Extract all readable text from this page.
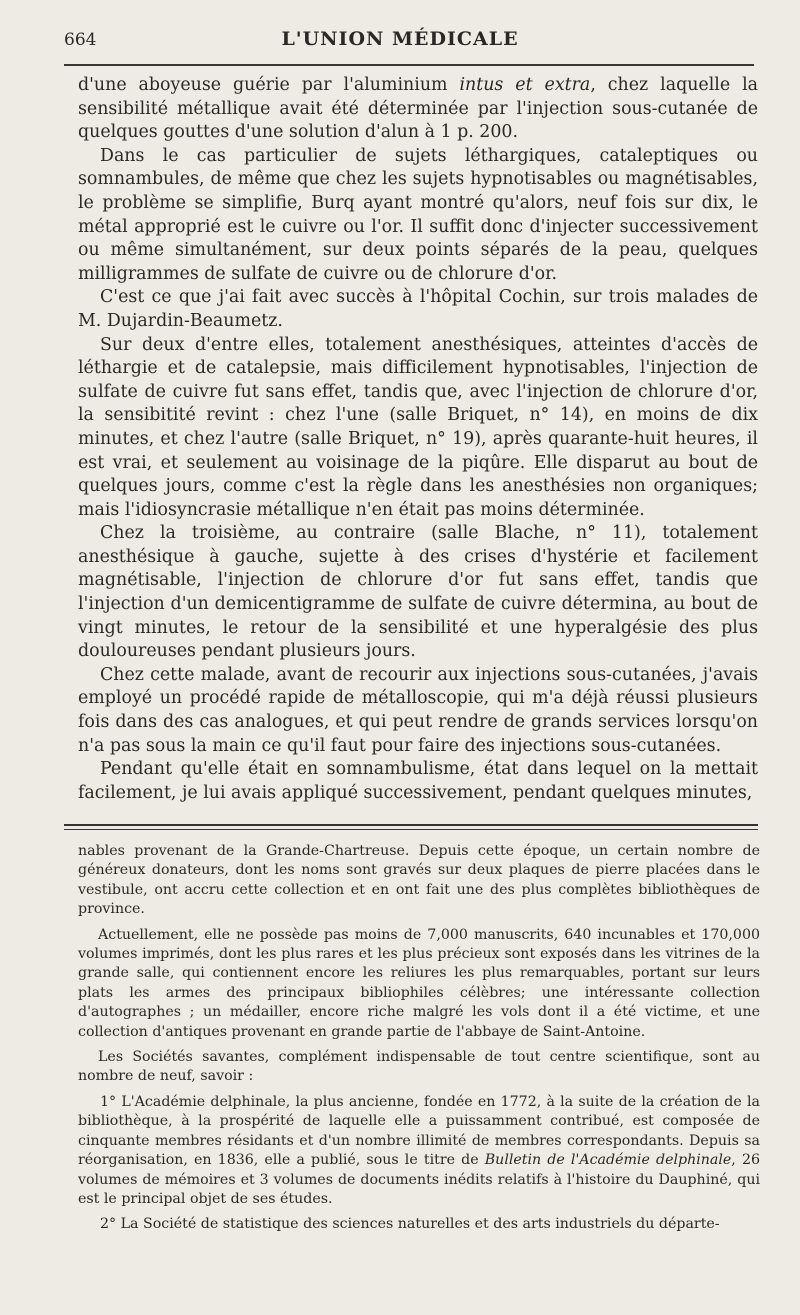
664	L'UNION MÉDICALE

d'une aboyeuse guérie par l'aluminium intus et extra, chez laquelle la sensibilité métallique avait été déterminée par l'injection sous-cutanée de quelques gouttes d'une solution d'alun à 1 p. 200.

Dans le cas particulier de sujets léthargiques, cataleptiques ou somnambules, de même que chez les sujets hypnotisables ou magnétisables, le problème se simplifie, Burq ayant montré qu'alors, neuf fois sur dix, le métal approprié est le cuivre ou l'or. Il suffit donc d'injecter successivement ou même simultanément, sur deux points séparés de la peau, quelques milligrammes de sulfate de cuivre ou de chlorure d'or.

C'est ce que j'ai fait avec succès à l'hôpital Cochin, sur trois malades de M. Dujardin-Beaumetz.

Sur deux d'entre elles, totalement anesthésiques, atteintes d'accès de léthargie et de catalepsie, mais difficilement hypnotisables, l'injection de sulfate de cuivre fut sans effet, tandis que, avec l'injection de chlorure d'or, la sensibitité revint : chez l'une (salle Briquet, n° 14), en moins de dix minutes, et chez l'autre (salle Briquet, n° 19), après quarante-huit heures, il est vrai, et seulement au voisinage de la piqûre. Elle disparut au bout de quelques jours, comme c'est la règle dans les anesthésies non organiques; mais l'idiosyncrasie métallique n'en était pas moins déterminée.

Chez la troisième, au contraire (salle Blache, n° 11), totalement anesthésique à gauche, sujette à des crises d'hystérie et facilement magnétisable, l'injection de chlorure d'or fut sans effet, tandis que l'injection d'un demicentigramme de sulfate de cuivre détermina, au bout de vingt minutes, le retour de la sensibilité et une hyperalgésie des plus douloureuses pendant plusieurs jours.

Chez cette malade, avant de recourir aux injections sous-cutanées, j'avais employé un procédé rapide de métalloscopie, qui m'a déjà réussi plusieurs fois dans des cas analogues, et qui peut rendre de grands services lorsqu'on n'a pas sous la main ce qu'il faut pour faire des injections sous-cutanées.

Pendant qu'elle était en somnambulisme, état dans lequel on la mettait facilement, je lui avais appliqué successivement, pendant quelques minutes,

nables provenant de la Grande-Chartreuse. Depuis cette époque, un certain nombre de généreux donateurs, dont les noms sont gravés sur deux plaques de pierre placées dans le vestibule, ont accru cette collection et en ont fait une des plus complètes bibliothèques de province.

Actuellement, elle ne possède pas moins de 7,000 manuscrits, 640 incunables et 170,000 volumes imprimés, dont les plus rares et les plus précieux sont exposés dans les vitrines de la grande salle, qui contiennent encore les reliures les plus remarquables, portant sur leurs plats les armes des principaux bibliophiles célèbres; une intéressante collection d'autographes ; un médailler, encore riche malgré les vols dont il a été victime, et une collection d'antiques provenant en grande partie de l'abbaye de Saint-Antoine.

Les Sociétés savantes, complément indispensable de tout centre scientifique, sont au nombre de neuf, savoir :

1° L'Académie delphinale, la plus ancienne, fondée en 1772, à la suite de la création de la bibliothèque, à la prospérité de laquelle elle a puissamment contribué, est composée de cinquante membres résidants et d'un nombre illimité de membres correspondants. Depuis sa réorganisation, en 1836, elle a publié, sous le titre de Bulletin de l'Académie delphinale, 26 volumes de mémoires et 3 volumes de documents inédits relatifs à l'histoire du Dauphiné, qui est le principal objet de ses études.

2° La Société de statistique des sciences naturelles et des arts industriels du départe-
